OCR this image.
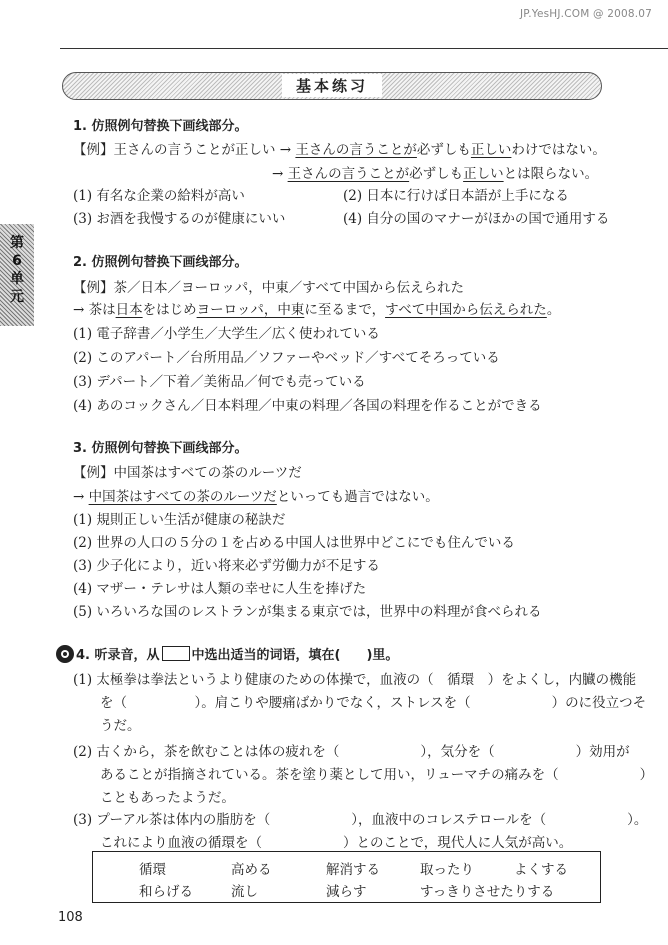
JP.YesHJ.COM @ 2008.07
基本练习
第6单元
1. 仿照例句替换下画线部分。
【例】王さんの言うことが正しい → 王さんの言うことが必ずしも正しいわけではない。
→ 王さんの言うことが必ずしも正しいとは限らない。
(1) 有名な企業の給料が高い	(2) 日本に行けば日本語が上手になる
(3) お酒を我慢するのが健康にいい	(4) 自分の国のマナーがほかの国で通用する
2. 仿照例句替换下画线部分。
【例】茶／日本／ヨーロッパ，中東／すべて中国から伝えられた
→ 茶は日本をはじめヨーロッパ，中東に至るまで，すべて中国から伝えられた。
(1) 電子辞書／小学生／大学生／広く使われている
(2) このアパート／台所用品／ソファーやベッド／すべてそろっている
(3) デパート／下着／美術品／何でも売っている
(4) あのコックさん／日本料理／中東の料理／各国の料理を作ることができる
3. 仿照例句替换下画线部分。
【例】中国茶はすべての茶のルーツだ
→ 中国茶はすべての茶のルーツだといっても過言ではない。
(1) 規則正しい生活が健康の秘訣だ
(2) 世界の人口の５分の１を占める中国人は世界中どこにでも住んでいる
(3) 少子化により，近い将来必ず労働力が不足する
(4) マザー・テレサは人類の幸せに人生を捧げた
(5) いろいろな国のレストランが集まる東京では，世界中の料理が食べられる
4. 听录音，从 中选出适当的词语，填在(　　)里。
(1) 太極拳は拳法というより健康のための体操で，血液の（　循環　）をよくし，内臓の機能
を（　　　　　）。肩こりや腰痛ばかりでなく，ストレスを（　　　　　　）のに役立つそ
うだ。
(2) 古くから，茶を飲むことは体の疲れを（　　　　　　），気分を（　　　　　　）効用が
あることが指摘されている。茶を塗り薬として用い，リューマチの痛みを（　　　　　　）
こともあったようだ。
(3) プーアル茶は体内の脂肪を（　　　　　　），血液中のコレステロールを（　　　　　　）。
これにより血液の循環を（　　　　　　）とのことで，現代人に人気が高い。
循環	高める	解消する	取ったり	よくする
和らげる	流し	減らす	すっきりさせたりする
108
